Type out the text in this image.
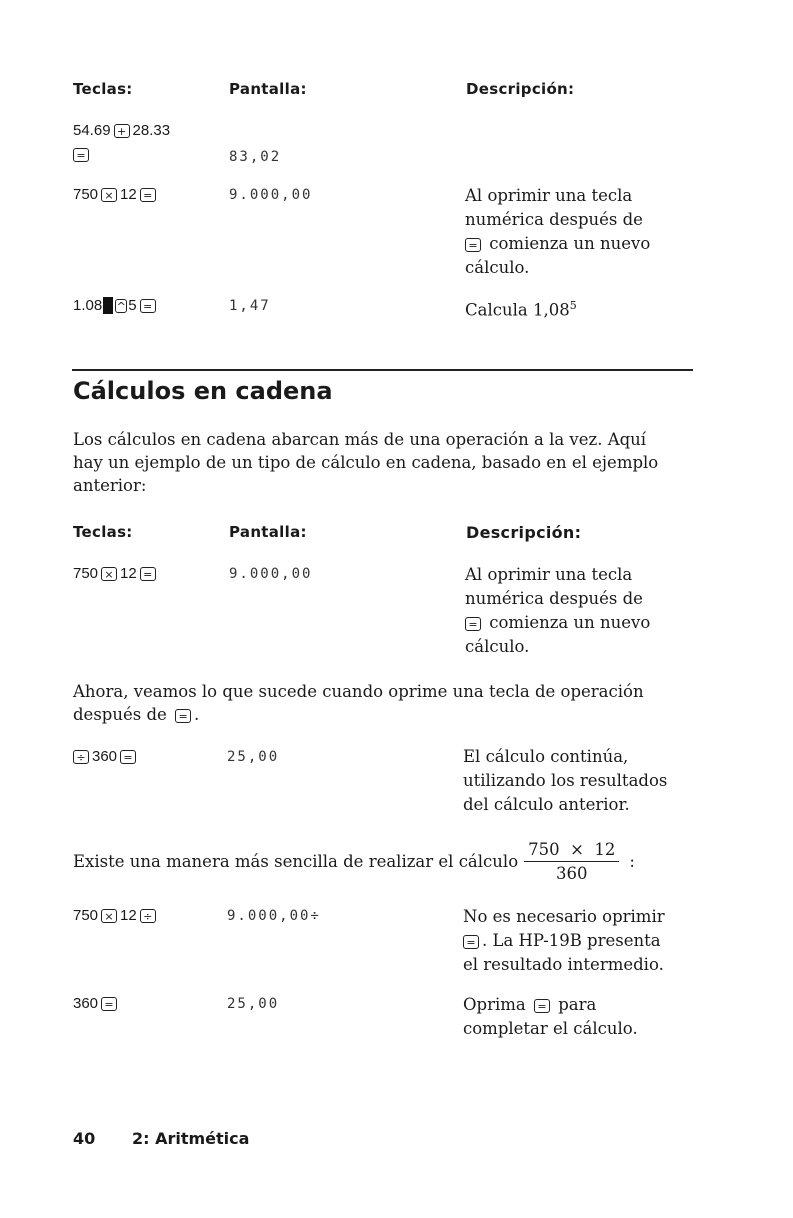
Teclas:	Pantalla:	Descripción:
54.69 + 28.33
=	83,02
750 × 12 =	9.000,00	Al oprimir una tecla
numérica después de
= comienza un nuevo
cálculo.
1.08 ^ 5 =	1,47	Calcula 1,08$^5$
Cálculos en cadena
Los cálculos en cadena abarcan más de una operación a la vez. Aquí
hay un ejemplo de un tipo de cálculo en cadena, basado en el ejemplo
anterior:
Teclas:	Pantalla:	Descripción:
750 × 12 =	9.000,00	Al oprimir una tecla
numérica después de
= comienza un nuevo
cálculo.
Ahora, veamos lo que sucede cuando oprime una tecla de operación
después de = .
÷ 360 =	25,00	El cálculo continúa,
utilizando los resultados
del cálculo anterior.
Existe una manera más sencilla de realizar el cálculo $\frac{750 \times 12}{360}$ :
750 × 12 ÷	9.000,00÷	No es necesario oprimir
= . La HP-19B presenta
el resultado intermedio.
360 =	25,00	Oprima = para
completar el cálculo.
40 2: Aritmética
